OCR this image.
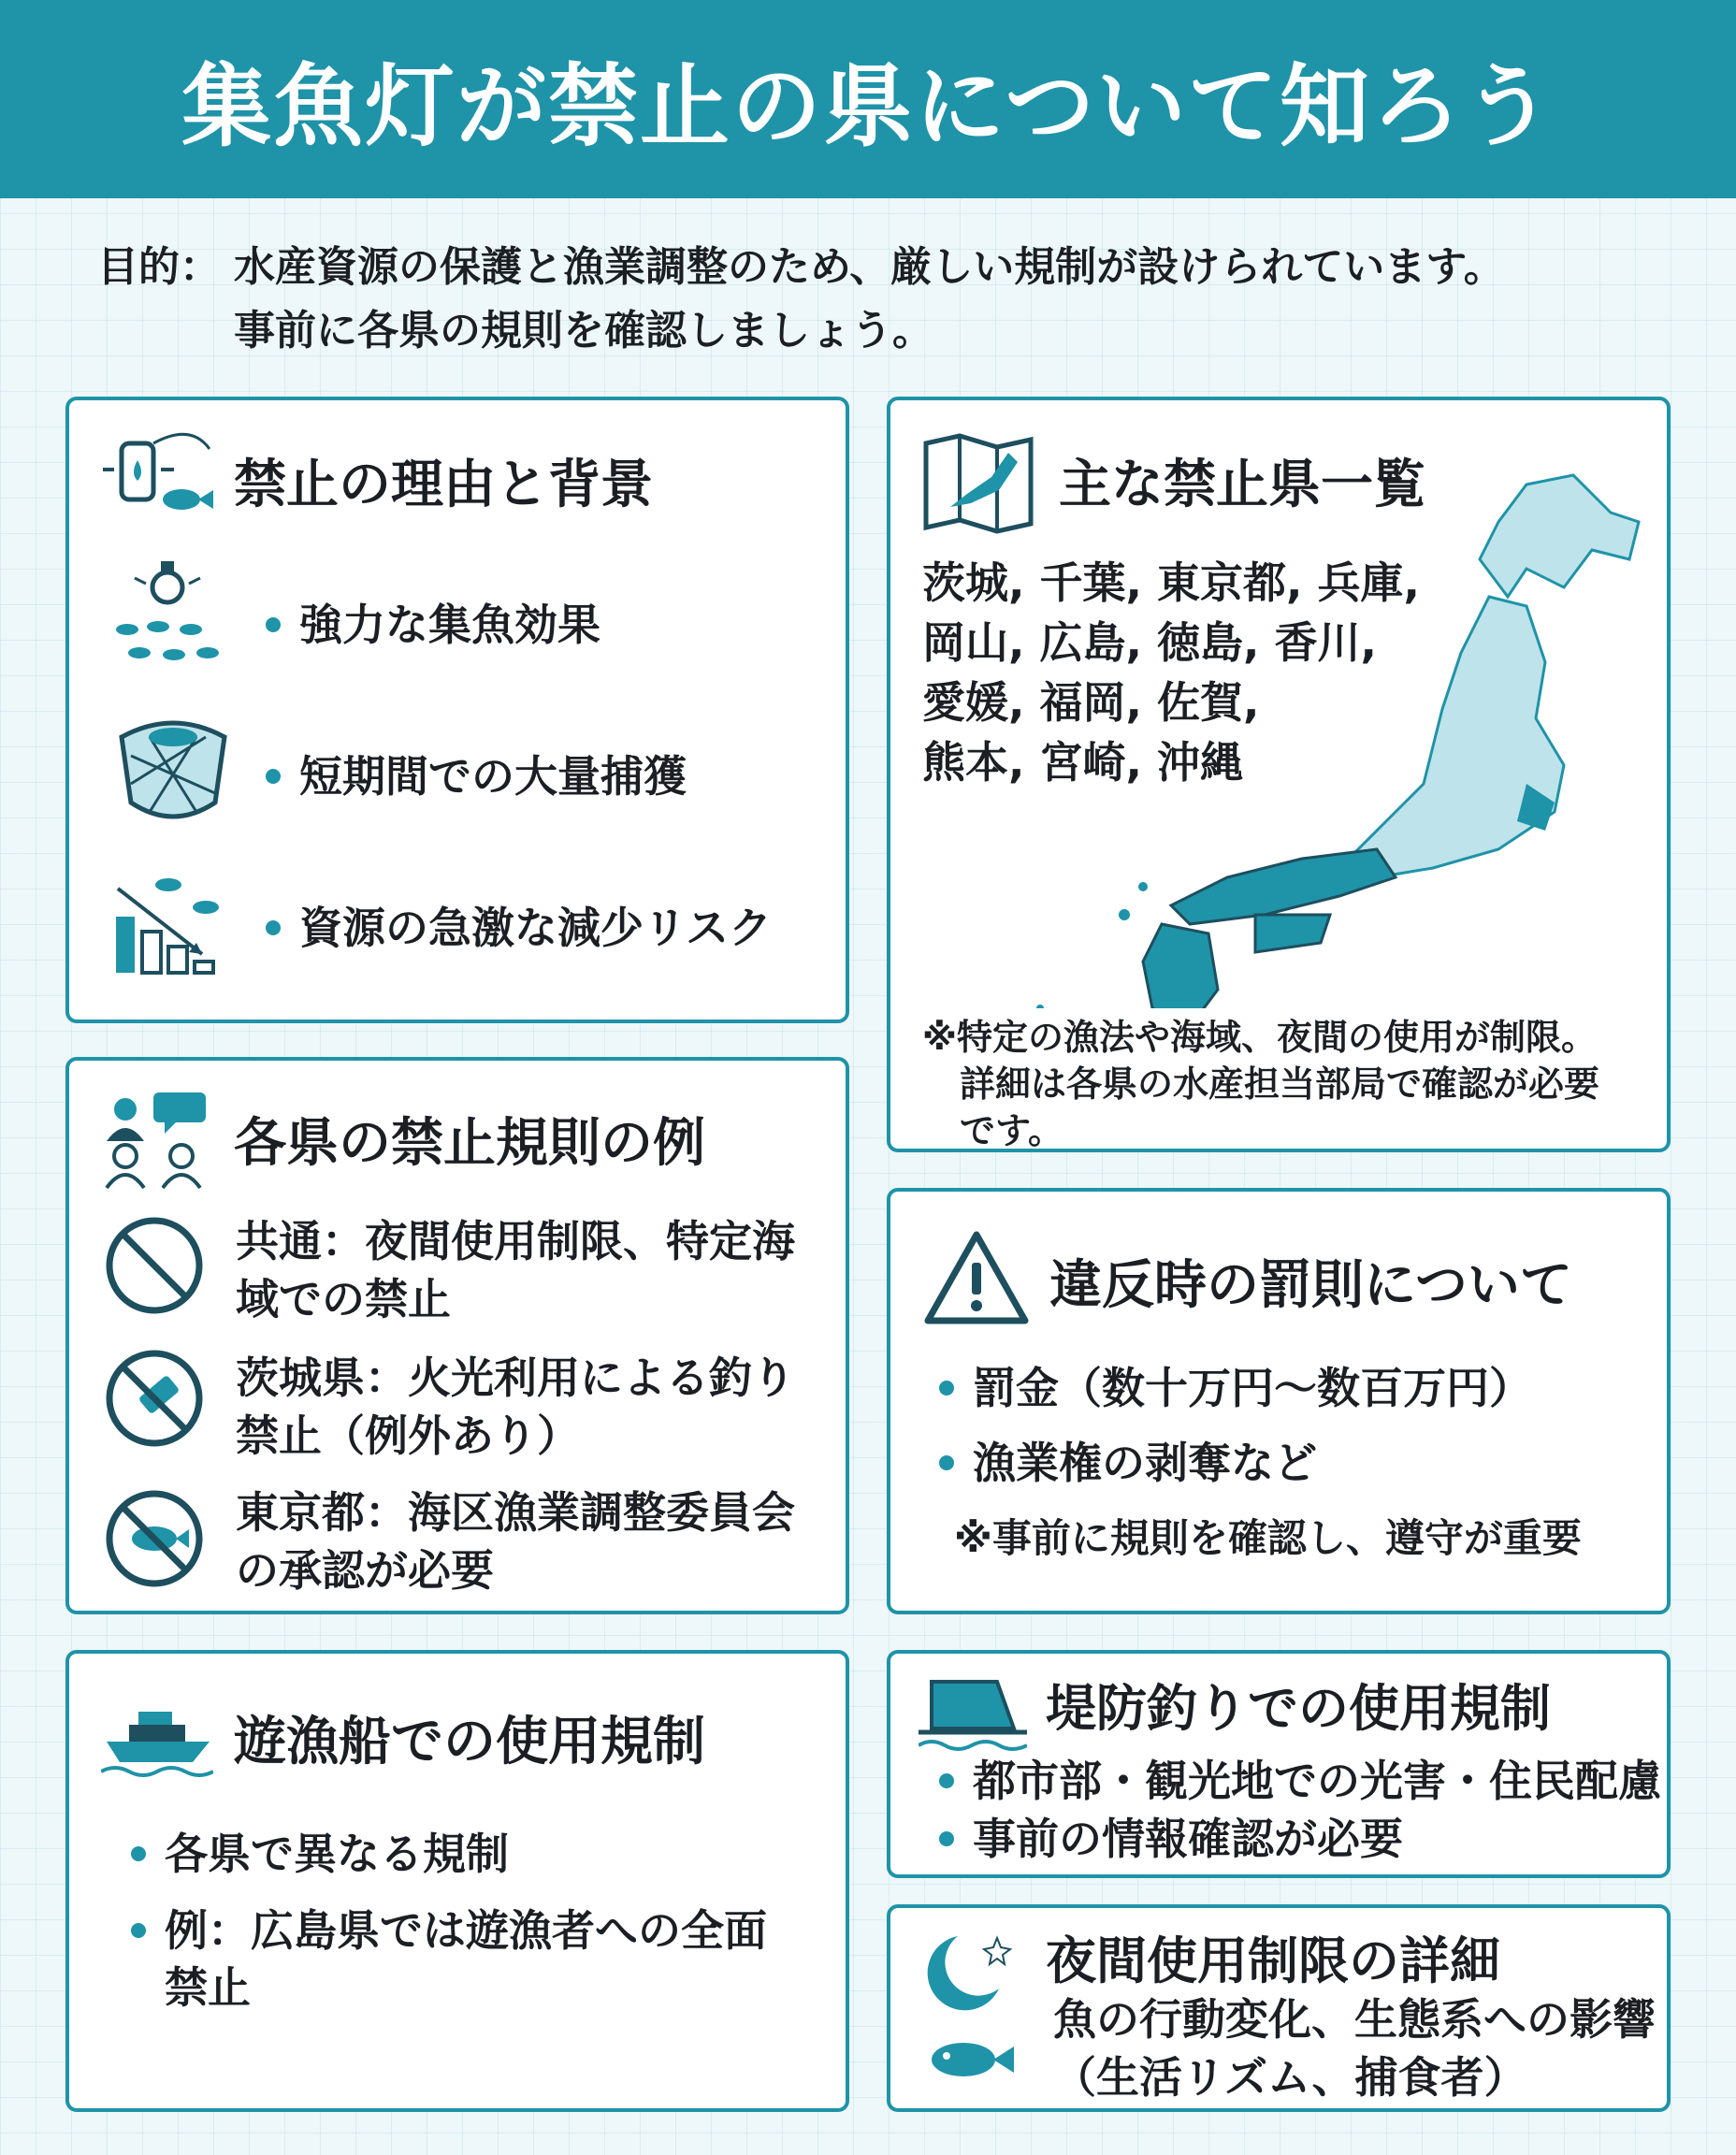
集魚灯が禁止の県について知ろう
目的： 水産資源の保護と漁業調整のため、厳しい規制が設けられています。
事前に各県の規則を確認しましょう。
禁止の理由と背景
強力な集魚効果
短期間での大量捕獲
資源の急激な減少リスク
主な禁止県一覧
茨城, 千葉, 東京都, 兵庫,
岡山, 広島, 徳島, 香川,
愛媛, 福岡, 佐賀,
熊本, 宮崎, 沖縄
※特定の漁法や海域、夜間の使用が制限。
詳細は各県の水産担当部局で確認が必要
です。
各県の禁止規則の例
共通：夜間使用制限、特定海
域での禁止
茨城県：火光利用による釣り
禁止（例外あり）
東京都：海区漁業調整委員会
の承認が必要
違反時の罰則について
罰金（数十万円〜数百万円）
漁業権の剥奪など
※事前に規則を確認し、遵守が重要
遊漁船での使用規制
各県で異なる規制
例：広島県では遊漁者への全面
禁止
堤防釣りでの使用規制
都市部・観光地での光害・住民配慮
事前の情報確認が必要
夜間使用制限の詳細
魚の行動変化、生態系への影響
（生活リズム、捕食者）
